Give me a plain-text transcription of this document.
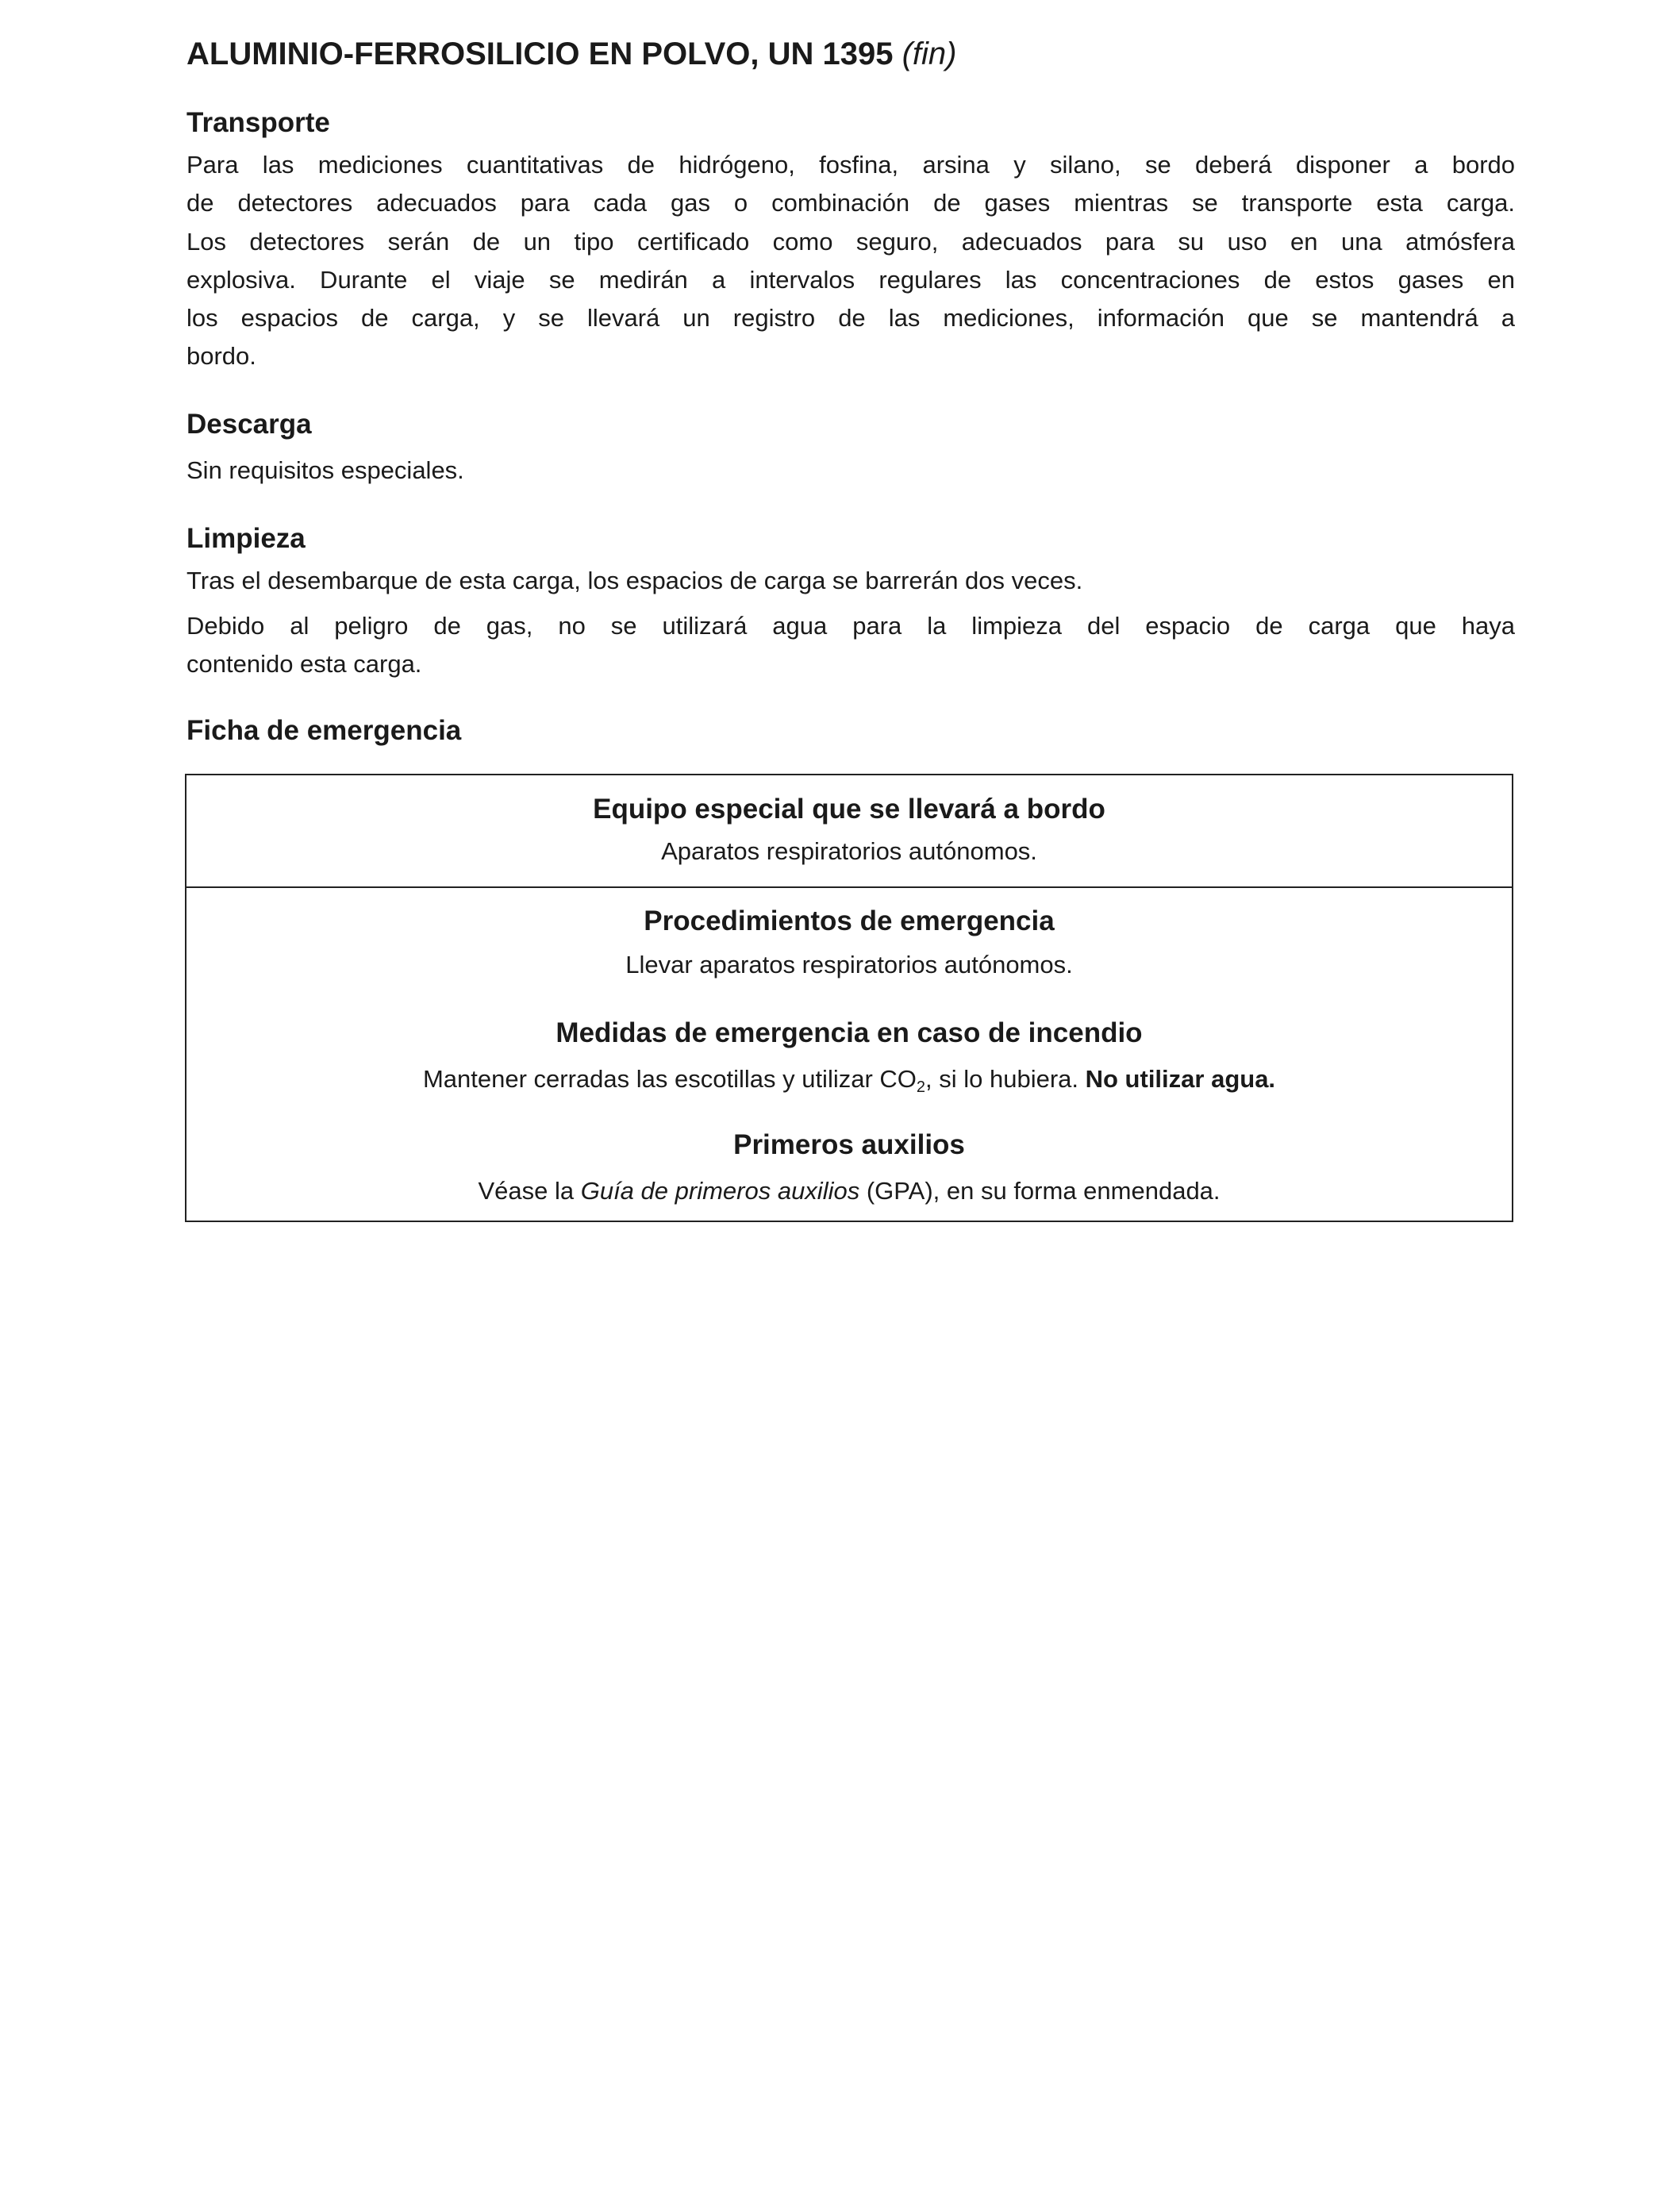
ALUMINIO-FERROSILICIO EN POLVO, UN 1395 (fin)
Transporte
Para las mediciones cuantitativas de hidrógeno, fosfina, arsina y silano, se deberá disponer a bordo
de detectores adecuados para cada gas o combinación de gases mientras se transporte esta carga.
Los detectores serán de un tipo certificado como seguro, adecuados para su uso en una atmósfera
explosiva. Durante el viaje se medirán a intervalos regulares las concentraciones de estos gases en
los espacios de carga, y se llevará un registro de las mediciones, información que se mantendrá a
bordo.
Descarga
Sin requisitos especiales.
Limpieza
Tras el desembarque de esta carga, los espacios de carga se barrerán dos veces.
Debido al peligro de gas, no se utilizará agua para la limpieza del espacio de carga que haya
contenido esta carga.
Ficha de emergencia
Equipo especial que se llevará a bordo
Aparatos respiratorios autónomos.
Procedimientos de emergencia
Llevar aparatos respiratorios autónomos.
Medidas de emergencia en caso de incendio
Mantener cerradas las escotillas y utilizar $CO_2$, si lo hubiera. No utilizar agua.
Primeros auxilios
Véase la Guía de primeros auxilios (GPA), en su forma enmendada.
